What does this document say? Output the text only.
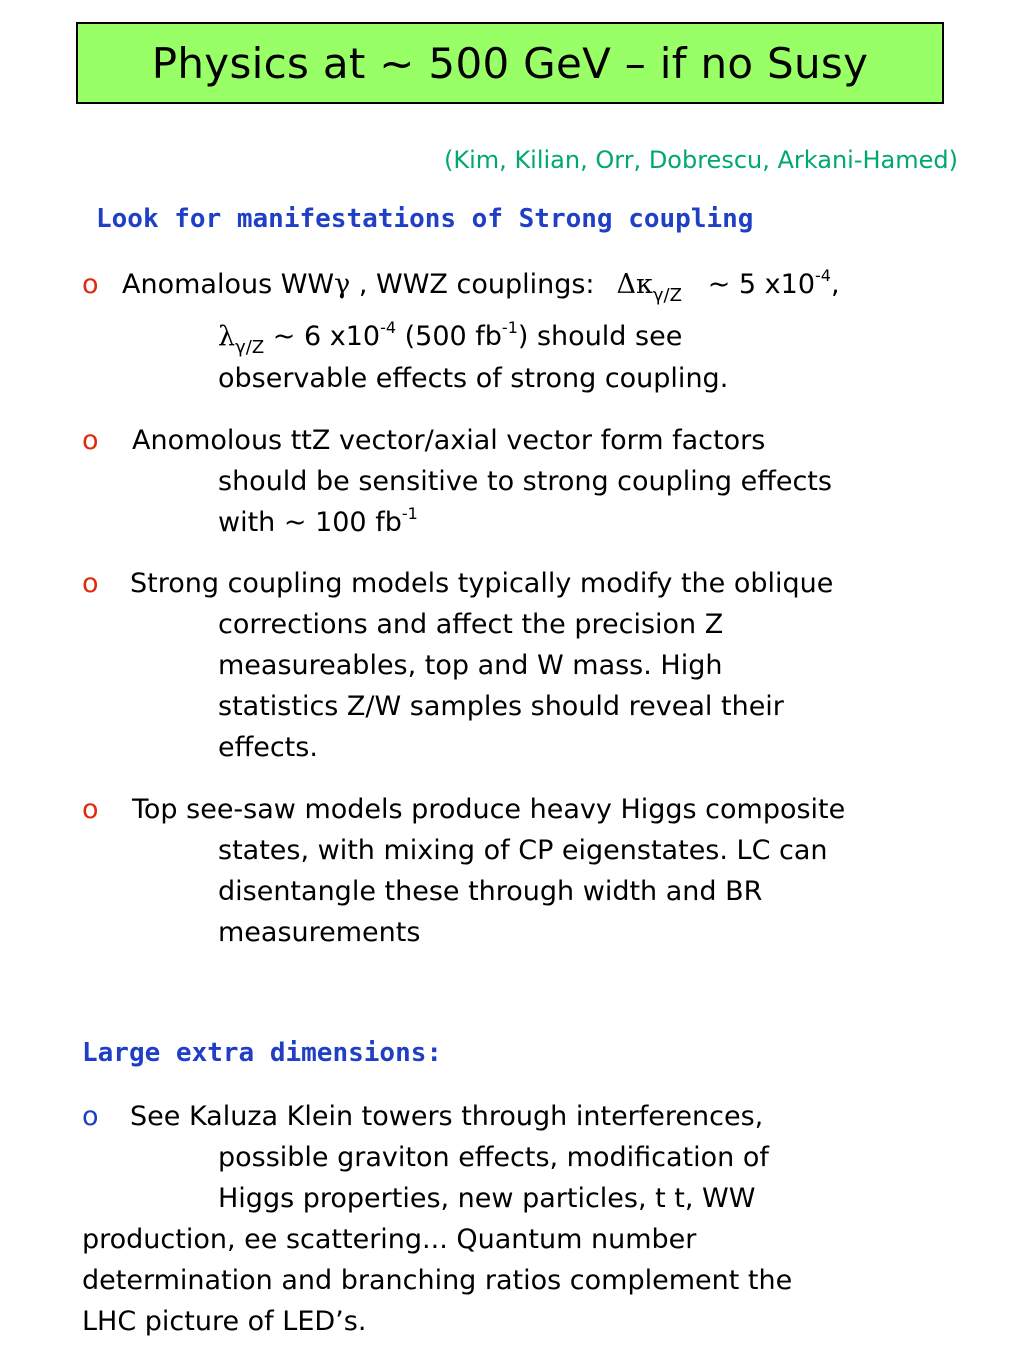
Physics at ~ 500 GeV – if no Susy
(Kim, Kilian, Orr, Dobrescu, Arkani-Hamed)
Look for manifestations of Strong coupling
o Anomalous WWγ , WWZ couplings: $\Delta\kappa_{\gamma/Z}$ ~ 5 $x10^{-4}$,
$\lambda_{\gamma/Z}$ ~ 6 $x10^{-4}$ (500 $fb^{-1}$) should see
observable effects of strong coupling.
o Anomolous ttZ vector/axial vector form factors
should be sensitive to strong coupling effects
with ~ 100 $fb^{-1}$
o Strong coupling models typically modify the oblique
corrections and affect the precision Z
measureables, top and W mass. High
statistics Z/W samples should reveal their
effects.
o Top see-saw models produce heavy Higgs composite
states, with mixing of CP eigenstates. LC can
disentangle these through width and BR
measurements
Large extra dimensions:
o See Kaluza Klein towers through interferences,
possible graviton effects, modification of
Higgs properties, new particles, t t, WW
production, ee scattering... Quantum number
determination and branching ratios complement the
LHC picture of LED’s.
